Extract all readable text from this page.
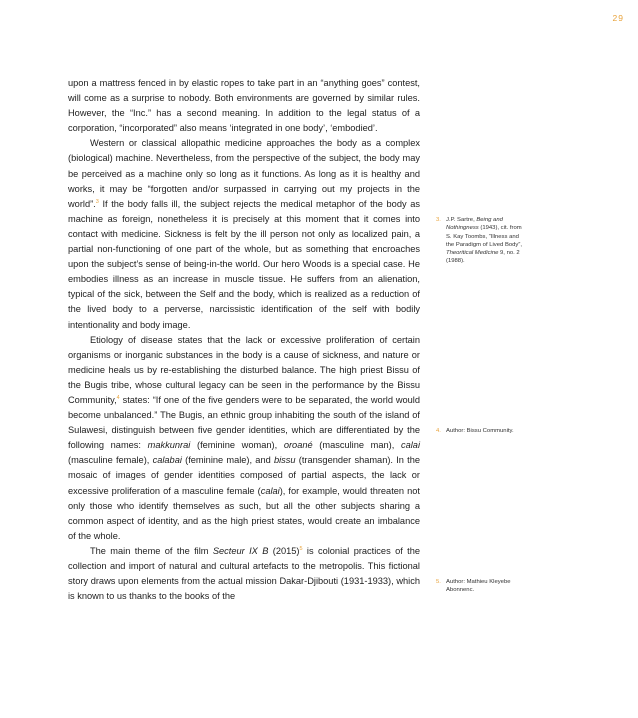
29

upon a mattress fenced in by elastic ropes to take part in an “anything goes” contest, will come as a surprise to nobody. Both environments are governed by similar rules. However, the “Inc.” has a second meaning. In addition to the legal status of a corporation, “incorporated” also means ‘integrated in one body’, ‘embodied’.

Western or classical allopathic medicine approaches the body as a complex (biological) machine. Nevertheless, from the perspective of the subject, the body may be perceived as a machine only so long as it functions. As long as it is healthy and works, it may be “forgotten and/or surpassed in carrying out my projects in the world”.$^3$ If the body falls ill, the subject rejects the medical metaphor of the body as machine as foreign, nonetheless it is precisely at this moment that it comes into contact with medicine. Sickness is felt by the ill person not only as localized pain, a partial non-functioning of one part of the whole, but as something that encroaches upon the subject’s sense of being-in-the world. Our hero Woods is a special case. He embodies illness as an increase in muscle tissue. He suffers from an alienation, typical of the sick, between the Self and the body, which is realized as a reduction of the lived body to a perverse, narcissistic identification of the self with bodily intentionality and body image.

Etiology of disease states that the lack or excessive proliferation of certain organisms or inorganic substances in the body is a cause of sickness, and nature or medicine heals us by re-establishing the disturbed balance. The high priest Bissu of the Bugis tribe, whose cultural legacy can be seen in the performance by the Bissu Community,$^4$ states: “If one of the five genders were to be separated, the world would become unbalanced.” The Bugis, an ethnic group inhabiting the south of the island of Sulawesi, distinguish between five gender identities, which are differentiated by the following names: makkunrai (feminine woman), oroané (masculine man), calai (masculine female), calabai (feminine male), and bissu (transgender shaman). In the mosaic of images of gender identities composed of partial aspects, the lack or excessive proliferation of a masculine female (calai), for example, would threaten not only those who identify themselves as such, but all the other subjects sharing a common aspect of identity, and as the high priest states, would create an imbalance of the whole.

The main theme of the film Secteur IX B $(2015)^5$ is colonial practices of the collection and import of natural and cultural artefacts to the metropolis. This fictional story draws upon elements from the actual mission Dakar-Djibouti (1931-1933), which is known to us thanks to the books of the

3. J.P. Sartre, Being and Nothingness (1943), cit. from S. Kay Toombs, “Illness and the Paradigm of Lived Body”, Theoritical Medicine 9, no. 2 (1988).
4. Author: Bissu Community.
5. Author: Mathieu Kleyebe Abonnenc.
